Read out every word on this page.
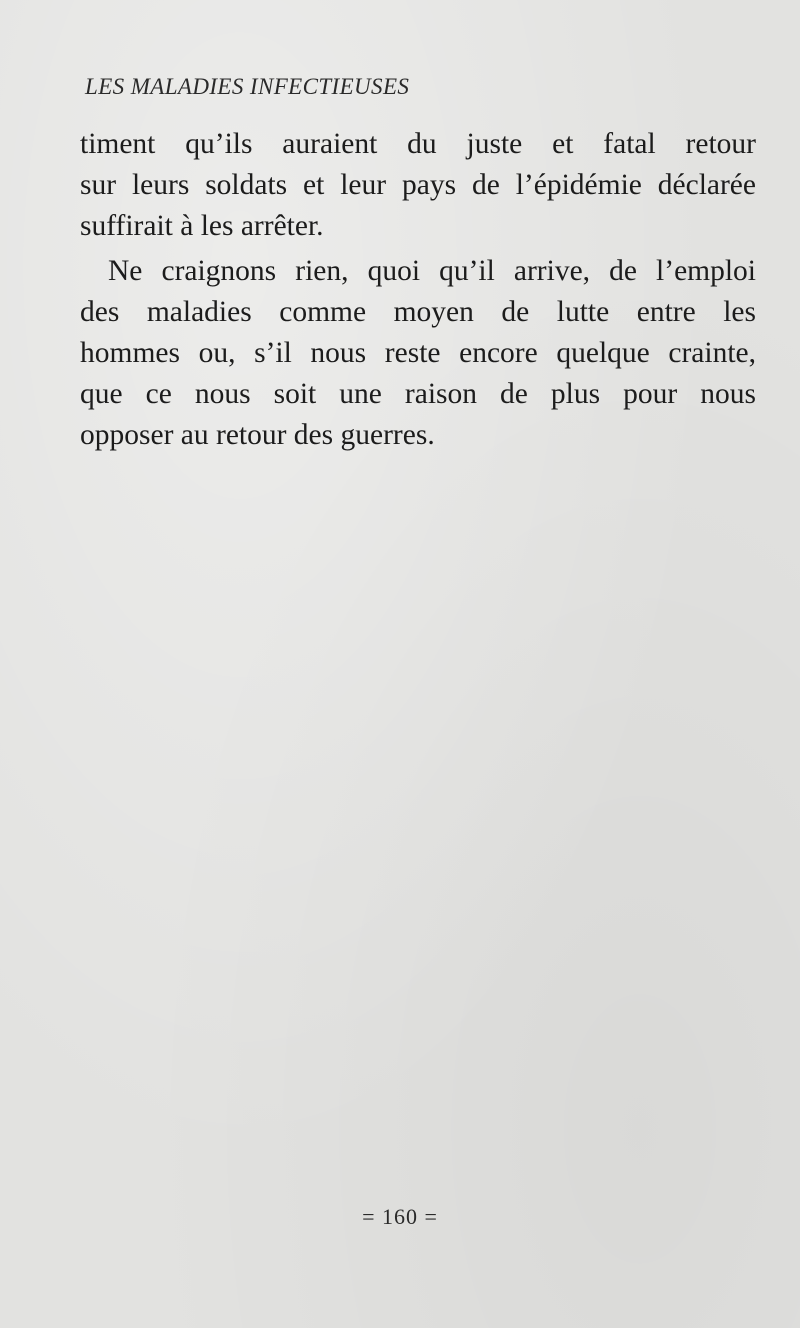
LES MALADIES INFECTIEUSES
timent qu’ils auraient du juste et fatal retour
sur leurs soldats et leur pays de l’épidémie déclarée
suffirait à les arrêter.
Ne craignons rien, quoi qu’il arrive, de l’emploi
des maladies comme moyen de lutte entre les
hommes ou, s’il nous reste encore quelque crainte,
que ce nous soit une raison de plus pour nous
opposer au retour des guerres.
= 160 =
